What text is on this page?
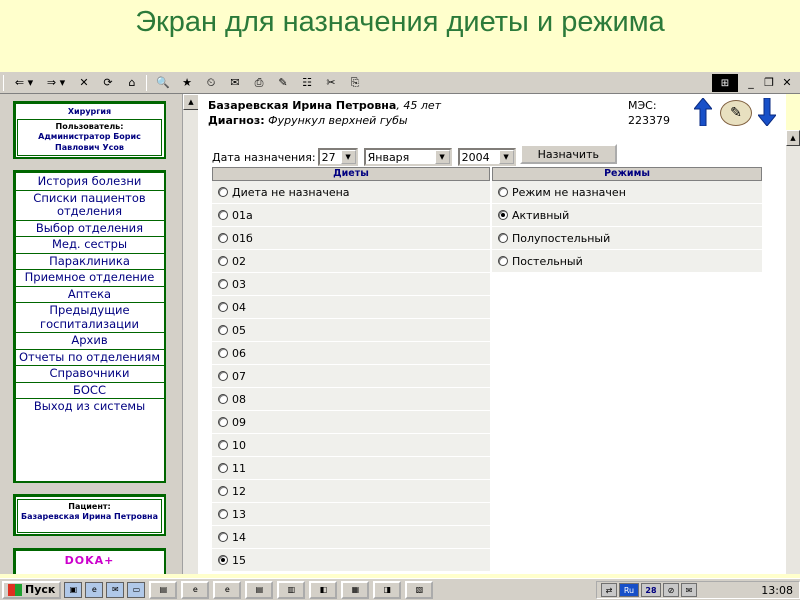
Экран для назначения диеты и режима
⇐ ▾	⇒ ▾	✕	⟳	⌂	🔍	★	⏲	✉	⎙	✎	☷	✂	⎘	⊞	_ ❐ ✕
Хирургия
Пользователь:
Администратор Борис Павлович Усов
История болезни
Списки пациентов отделения
Выбор отделения
Мед. сестры
Параклиника
Приемное отделение
Аптека
Предыдущие госпитализации
Архив
Отчеты по отделениям
Справочники
БОСС
Выход из системы
Пациент:
Базаревская Ирина Петровна
DOKA+
▲	Базаревская Ирина Петровна, 45 лет
Диагноз: Фурункул верхней губы
МЭС:
223379	✎
Дата назначения: 27	▼	Января	▼	2004	▼	Назначить
Диеты
Диета не назначена
01а
01б
02
03
04
05
06
07
08
09
10
11
12
13
14
15
Режимы
Режим не назначен
Активный
Полупостельный
Постельный
▲
Пуск	▣	e	✉	▭	▤	e	e	▤	▥	◧	▦	◨	▧	⇄	Ru	28	⊘	✉	13:08
